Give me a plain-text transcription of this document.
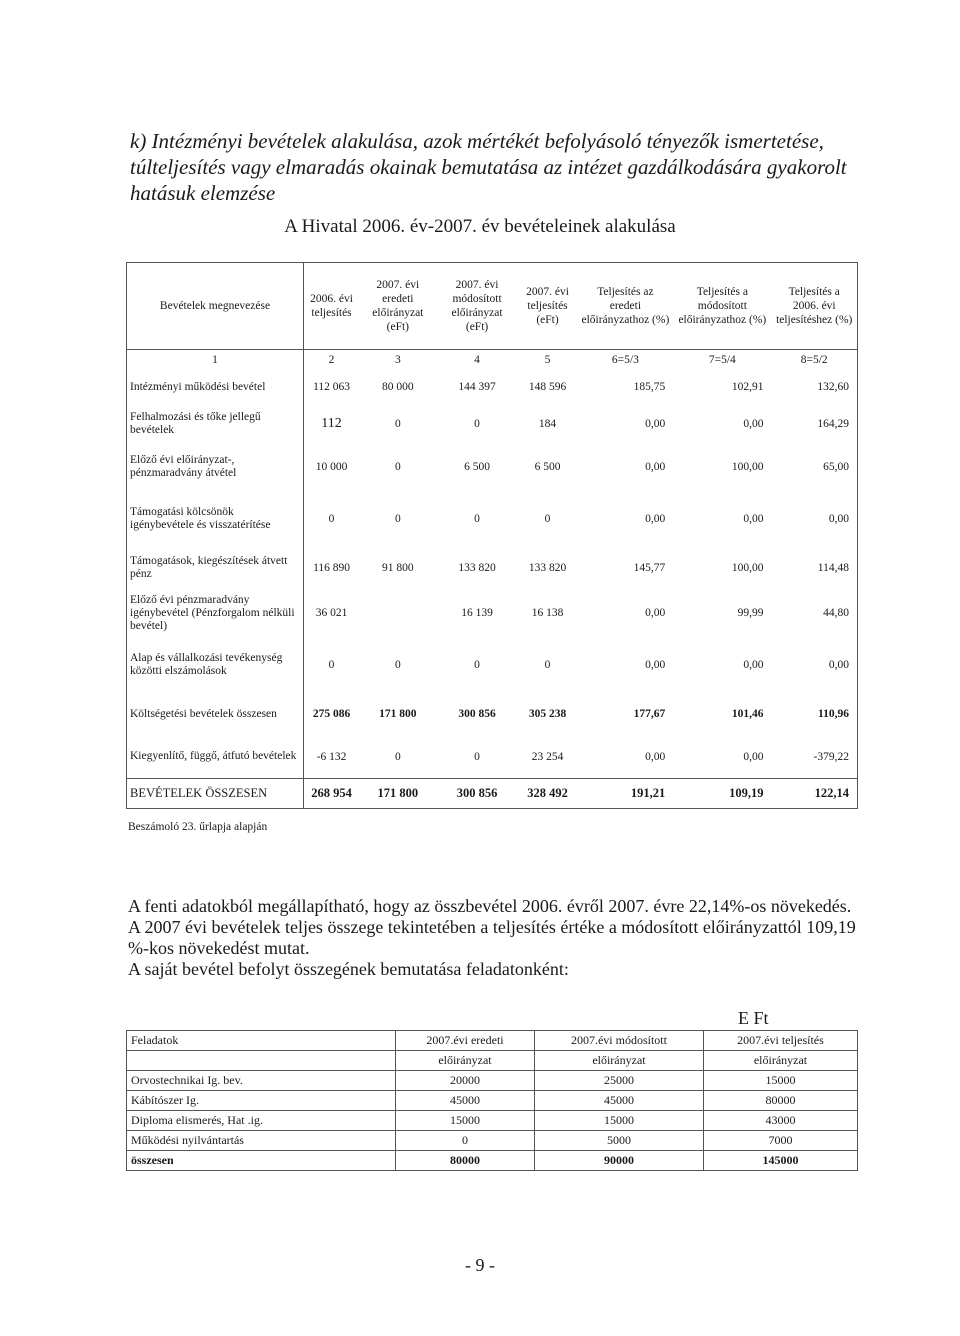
k) Intézményi bevételek alakulása, azok mértékét befolyásoló tényezők ismertetése, túlteljesítés vagy elmaradás okainak bemutatása az intézet gazdálkodására gyakorolt hatásuk elemzése
A Hivatal 2006. év-2007. év bevételeinek alakulása
Bevételek megnevezése	2006. évi teljesítés	2007. évi eredeti előirányzat (eFt)	2007. évi módosított előirányzat (eFt)	2007. évi teljesítés (eFt)	Teljesítés az eredeti előirányzathoz (%)	Teljesítés a módosított előirányzathoz (%)	Teljesítés a 2006. évi teljesítéshez (%)
1	2	3	4	5	6=5/3	7=5/4	8=5/2
Intézményi működési bevétel	112 063	80 000	144 397	148 596	185,75	102,91	132,60
Felhalmozási és tőke jellegű bevételek	112	0	0	184	0,00	0,00	164,29
Előző évi előirányzat-, pénzmaradvány átvétel	10 000	0	6 500	6 500	0,00	100,00	65,00
Támogatási kölcsönök igénybevétele és visszatérítése	0	0	0	0	0,00	0,00	0,00
Támogatások, kiegészítések átvett pénz	116 890	91 800	133 820	133 820	145,77	100,00	114,48
Előző évi pénzmaradvány igénybevétel (Pénzforgalom nélküli bevétel)	36 021		16 139	16 138	0,00	99,99	44,80
Alap és vállalkozási tevékenység közötti elszámolások	0	0	0	0	0,00	0,00	0,00
Költségetési bevételek összesen	275 086	171 800	300 856	305 238	177,67	101,46	110,96
Kiegyenlítő, függő, átfutó bevételek	-6 132	0	0	23 254	0,00	0,00	-379,22
BEVÉTELEK ÖSSZESEN	268 954	171 800	300 856	328 492	191,21	109,19	122,14
Beszámoló 23. űrlapja alapján
A fenti adatokból megállapítható, hogy az összbevétel 2006. évről 2007. évre 22,14%-os növekedés.
A 2007 évi bevételek teljes összege tekintetében a teljesítés értéke a módosított előirányzattól 109,19 %-kos növekedést mutat.
A saját bevétel befolyt összegének bemutatása feladatonként:
E Ft
Feladatok	2007.évi eredeti	2007.évi módosított	2007.évi teljesítés
	előirányzat	előirányzat	előirányzat
Orvostechnikai Ig. bev.	20000	25000	15000
Kábítószer Ig.	45000	45000	80000
Diploma elismerés, Hat .ig.	15000	15000	43000
Működési nyilvántartás	0	5000	7000
összesen	80000	90000	145000
- 9 -
